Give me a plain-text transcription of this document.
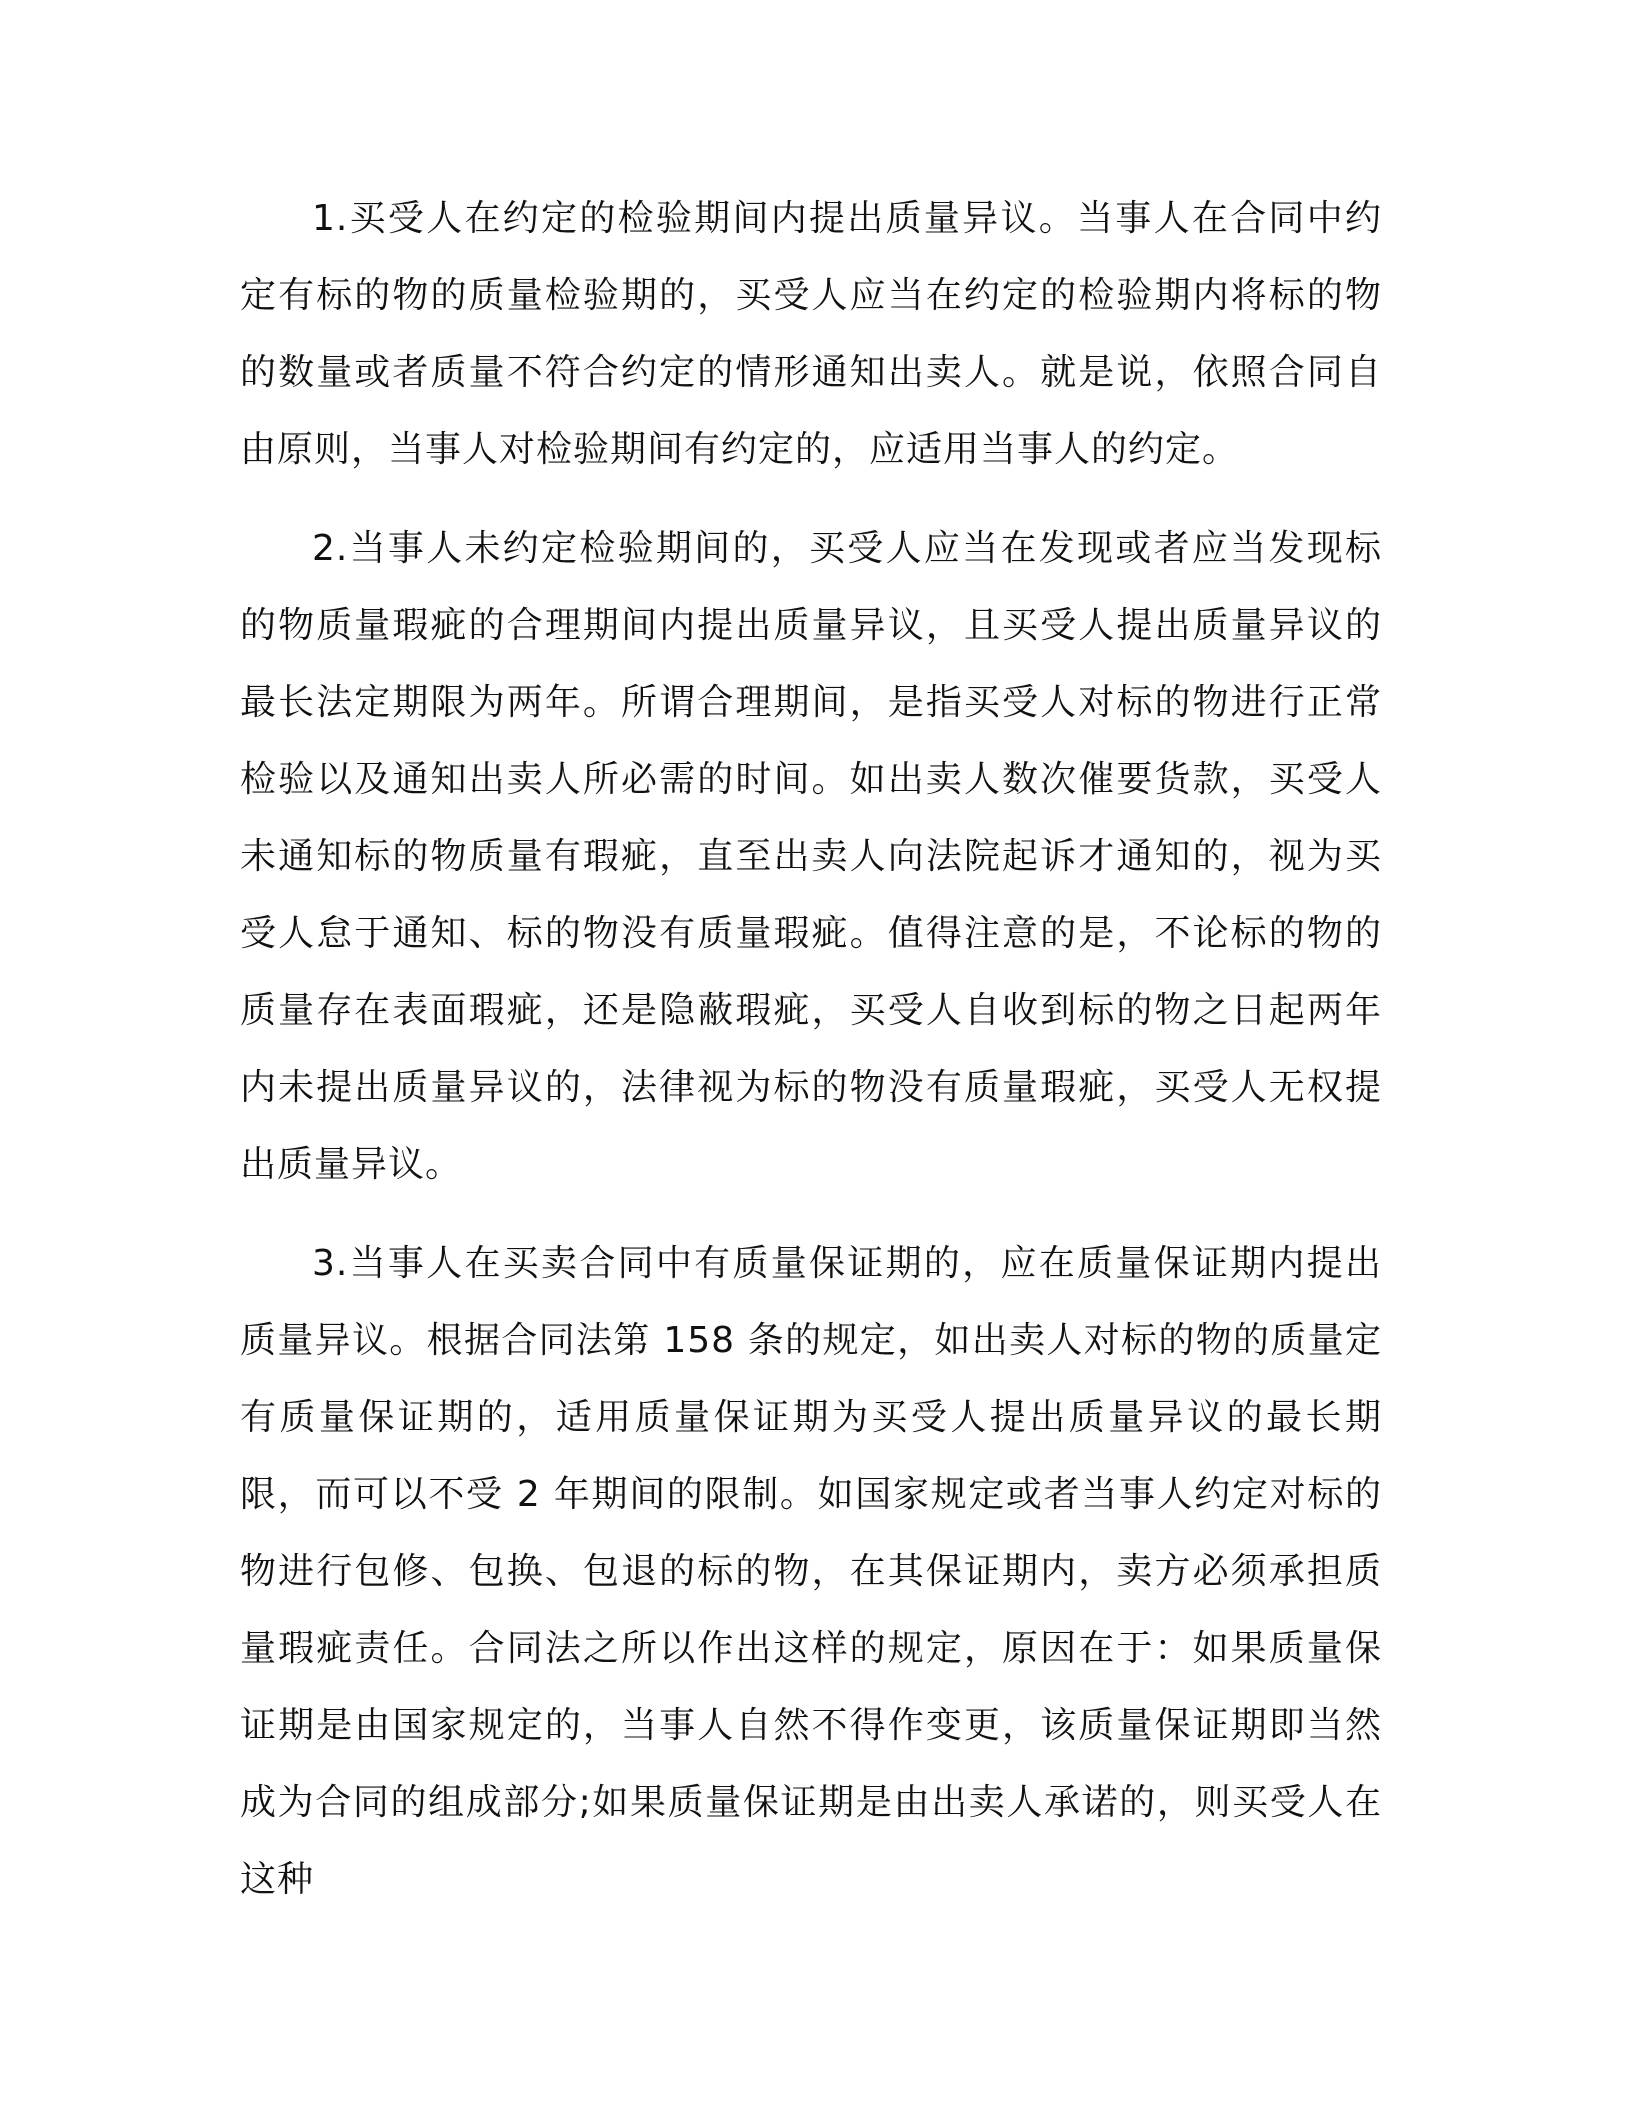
1.买受人在约定的检验期间内提出质量异议。当事人在合同中约定有标的物的质量检验期的，买受人应当在约定的检验期内将标的物的数量或者质量不符合约定的情形通知出卖人。就是说，依照合同自由原则，当事人对检验期间有约定的，应适用当事人的约定。

2.当事人未约定检验期间的，买受人应当在发现或者应当发现标的物质量瑕疵的合理期间内提出质量异议，且买受人提出质量异议的最长法定期限为两年。所谓合理期间，是指买受人对标的物进行正常检验以及通知出卖人所必需的时间。如出卖人数次催要货款，买受人未通知标的物质量有瑕疵，直至出卖人向法院起诉才通知的，视为买受人怠于通知、标的物没有质量瑕疵。值得注意的是，不论标的物的质量存在表面瑕疵，还是隐蔽瑕疵，买受人自收到标的物之日起两年内未提出质量异议的，法律视为标的物没有质量瑕疵，买受人无权提出质量异议。

3.当事人在买卖合同中有质量保证期的，应在质量保证期内提出质量异议。根据合同法第 158 条的规定，如出卖人对标的物的质量定有质量保证期的，适用质量保证期为买受人提出质量异议的最长期限，而可以不受 2 年期间的限制。如国家规定或者当事人约定对标的物进行包修、包换、包退的标的物，在其保证期内，卖方必须承担质量瑕疵责任。合同法之所以作出这样的规定，原因在于：如果质量保证期是由国家规定的，当事人自然不得作变更，该质量保证期即当然成为合同的组成部分;如果质量保证期是由出卖人承诺的，则买受人在这种
